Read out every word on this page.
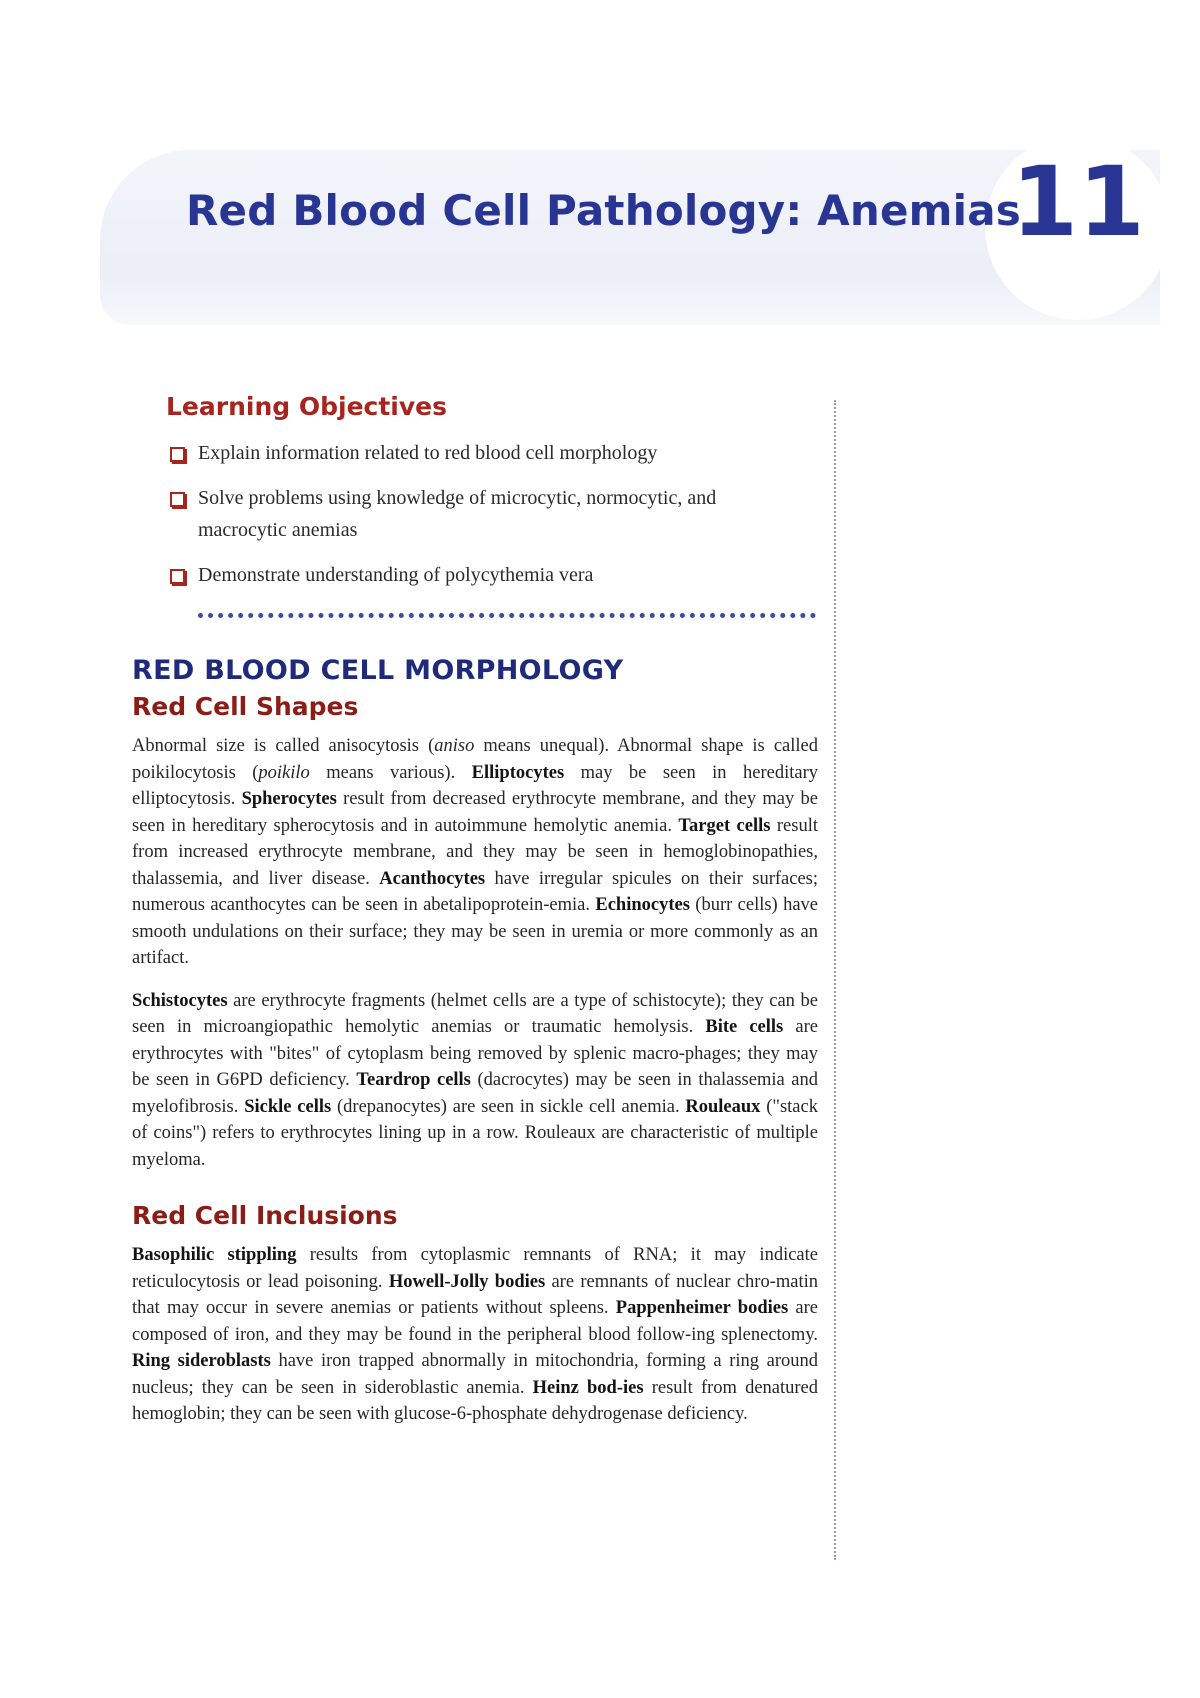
Red Blood Cell Pathology: Anemias
11
Learning Objectives
Explain information related to red blood cell morphology
Solve problems using knowledge of microcytic, normocytic, and macrocytic anemias
Demonstrate understanding of polycythemia vera
RED BLOOD CELL MORPHOLOGY
Red Cell Shapes

Abnormal size is called anisocytosis (aniso means unequal). Abnormal shape is called poikilocytosis (poikilo means various). Elliptocytes may be seen in hereditary elliptocytosis. Spherocytes result from decreased erythrocyte membrane, and they may be seen in hereditary spherocytosis and in autoimmune hemolytic anemia. Target cells result from increased erythrocyte membrane, and they may be seen in hemoglobinopathies, thalassemia, and liver disease. Acanthocytes have irregular spicules on their surfaces; numerous acanthocytes can be seen in abetalipoprotein-emia. Echinocytes (burr cells) have smooth undulations on their surface; they may be seen in uremia or more commonly as an artifact.

Schistocytes are erythrocyte fragments (helmet cells are a type of schistocyte); they can be seen in microangiopathic hemolytic anemias or traumatic hemolysis. Bite cells are erythrocytes with "bites" of cytoplasm being removed by splenic macro-phages; they may be seen in G6PD deficiency. Teardrop cells (dacrocytes) may be seen in thalassemia and myelofibrosis. Sickle cells (drepanocytes) are seen in sickle cell anemia. Rouleaux ("stack of coins") refers to erythrocytes lining up in a row. Rouleaux are characteristic of multiple myeloma.

Red Cell Inclusions

Basophilic stippling results from cytoplasmic remnants of RNA; it may indicate reticulocytosis or lead poisoning. Howell-Jolly bodies are remnants of nuclear chro-matin that may occur in severe anemias or patients without spleens. Pappenheimer bodies are composed of iron, and they may be found in the peripheral blood follow-ing splenectomy. Ring sideroblasts have iron trapped abnormally in mitochondria, forming a ring around nucleus; they can be seen in sideroblastic anemia. Heinz bod-ies result from denatured hemoglobin; they can be seen with glucose-6-phosphate dehydrogenase deficiency.
